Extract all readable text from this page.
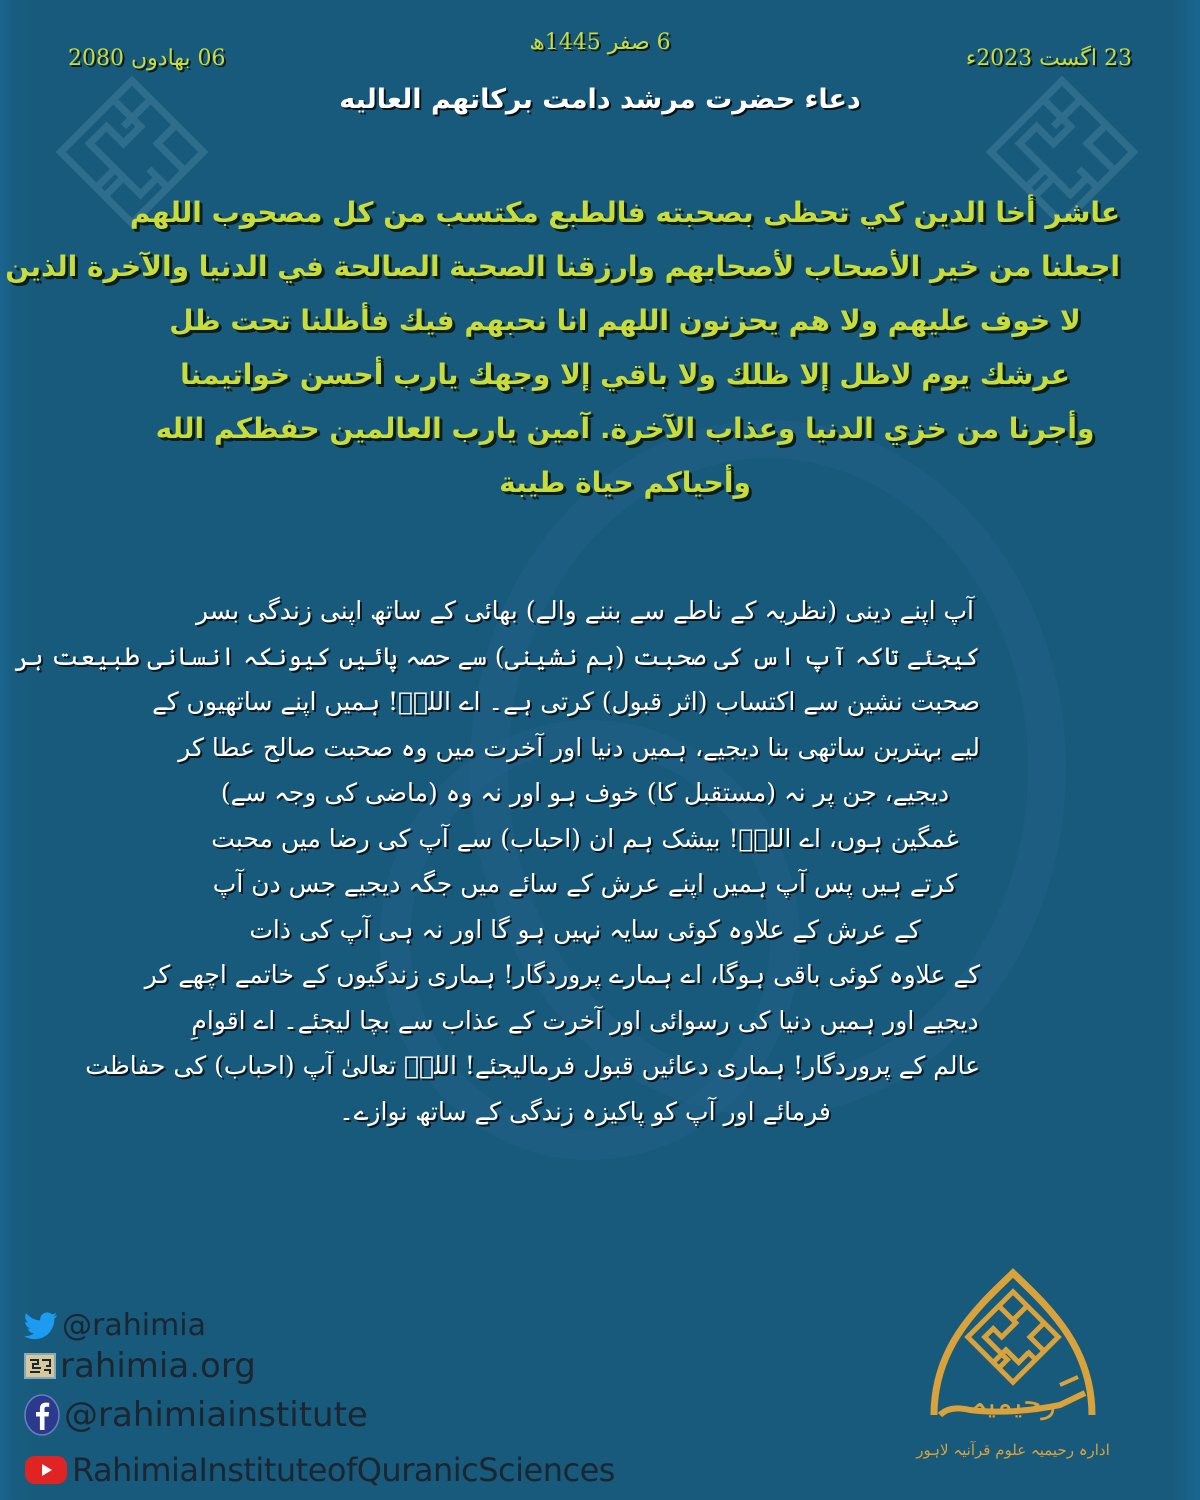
06 بھادوں 2080
6 صفر 1445ھ
23 اگست 2023ء
دعاء حضرت مرشد دامت برکاتهم العالیه
عاشر أخا الدين كي تحظى بصحبته فالطبع مكتسب من كل مصحوب اللهم
اجعلنا من خير الأصحاب لأصحابهم وارزقنا الصحبة الصالحة في الدنيا والآخرة الذين
لا خوف عليهم ولا هم يحزنون اللهم انا نحبهم فيك فأظلنا تحت ظل
عرشك يوم لاظل إلا ظلك ولا باقي إلا وجهك يارب أحسن خواتيمنا
وأجرنا من خزي الدنيا وعذاب الآخرة. آمين يارب العالمين حفظكم الله
وأحياكم حياة طيبة
آپ اپنے دینی (نظریہ کے ناطے سے بننے والے) بھائی کے ساتھ اپنی زندگی بسر
کیجئے تاکہ آپ اس کی صحبت (ہم نشینی) سے حصہ پائیں کیونکہ انسانی طبیعت ہر
صحبت نشین سے اکتساب (اثر قبول) کرتی ہے۔ اے اللہؐ! ہمیں اپنے ساتھیوں کے
لیے بہترین ساتھی بنا دیجیے، ہمیں دنیا اور آخرت میں وہ صحبت صالح عطا کر
دیجیے، جن پر نہ (مستقبل کا) خوف ہو اور نہ وہ (ماضی کی وجہ سے)
غمگین ہوں، اے اللہؐ! بیشک ہم ان (احباب) سے آپ کی رضا میں محبت
کرتے ہیں پس آپ ہمیں اپنے عرش کے سائے میں جگہ دیجیے جس دن آپ
کے عرش کے علاوہ کوئی سایہ نہیں ہو گا اور نہ ہی آپ کی ذات
کے علاوہ کوئی باقی ہوگا، اے ہمارے پروردگار! ہماری زندگیوں کے خاتمے اچھے کر
دیجیے اور ہمیں دنیا کی رسوائی اور آخرت کے عذاب سے بچا لیجئے۔ اے اقوامِ
عالم کے پروردگار! ہماری دعائیں قبول فرمالیجئے! اللہؐ تعالیٰ آپ (احباب) کی حفاظت
فرمائے اور آپ کو پاکیزہ زندگی کے ساتھ نوازے۔
@rahimia
rahimia.org
@rahimiainstitute
RahimiaInstituteofQuranicSciences
رحیمیہ
ادارہ رحیمیہ علوم قرآنیہ لاہور
